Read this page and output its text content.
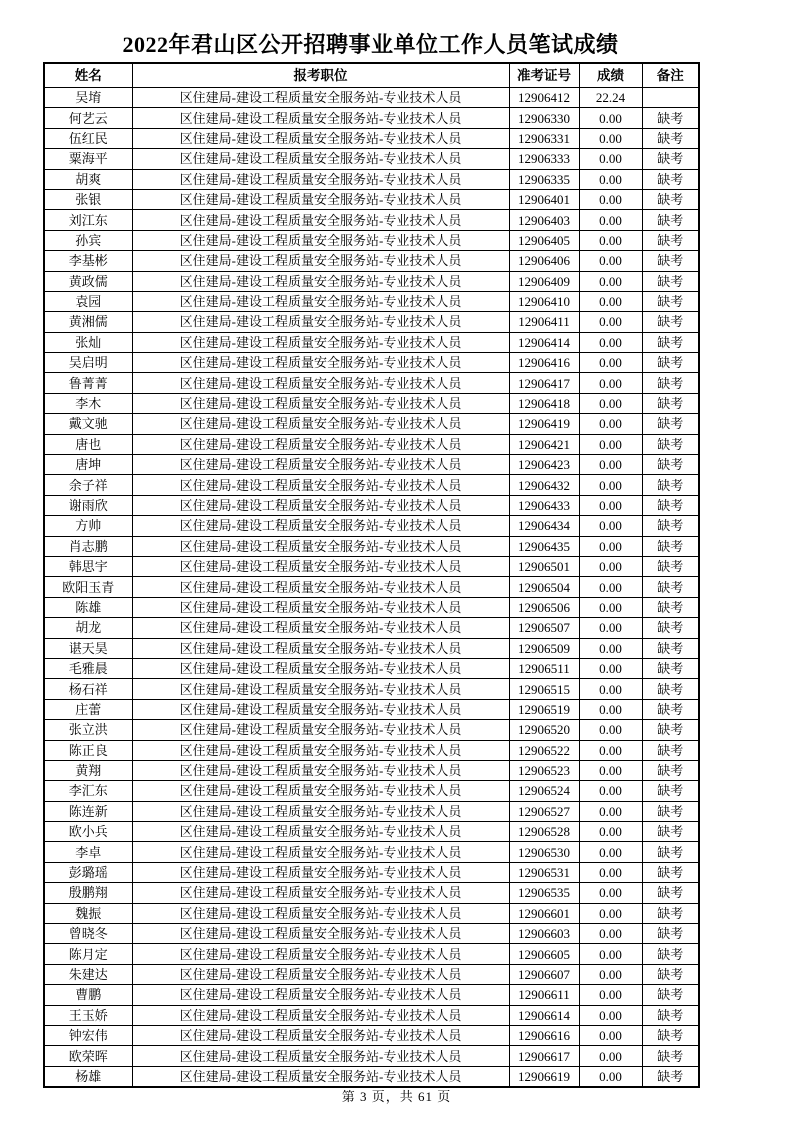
2022年君山区公开招聘事业单位工作人员笔试成绩
姓名	报考职位	准考证号	成绩	备注
吴堉	区住建局-建设工程质量安全服务站-专业技术人员	12906412	22.24	
何艺云	区住建局-建设工程质量安全服务站-专业技术人员	12906330	0.00	缺考
伍红民	区住建局-建设工程质量安全服务站-专业技术人员	12906331	0.00	缺考
粟海平	区住建局-建设工程质量安全服务站-专业技术人员	12906333	0.00	缺考
胡爽	区住建局-建设工程质量安全服务站-专业技术人员	12906335	0.00	缺考
张银	区住建局-建设工程质量安全服务站-专业技术人员	12906401	0.00	缺考
刘江东	区住建局-建设工程质量安全服务站-专业技术人员	12906403	0.00	缺考
孙宾	区住建局-建设工程质量安全服务站-专业技术人员	12906405	0.00	缺考
李基彬	区住建局-建设工程质量安全服务站-专业技术人员	12906406	0.00	缺考
黄政儒	区住建局-建设工程质量安全服务站-专业技术人员	12906409	0.00	缺考
袁园	区住建局-建设工程质量安全服务站-专业技术人员	12906410	0.00	缺考
黄湘儒	区住建局-建设工程质量安全服务站-专业技术人员	12906411	0.00	缺考
张灿	区住建局-建设工程质量安全服务站-专业技术人员	12906414	0.00	缺考
吴启明	区住建局-建设工程质量安全服务站-专业技术人员	12906416	0.00	缺考
鲁菁菁	区住建局-建设工程质量安全服务站-专业技术人员	12906417	0.00	缺考
李木	区住建局-建设工程质量安全服务站-专业技术人员	12906418	0.00	缺考
戴文驰	区住建局-建设工程质量安全服务站-专业技术人员	12906419	0.00	缺考
唐也	区住建局-建设工程质量安全服务站-专业技术人员	12906421	0.00	缺考
唐坤	区住建局-建设工程质量安全服务站-专业技术人员	12906423	0.00	缺考
余子祥	区住建局-建设工程质量安全服务站-专业技术人员	12906432	0.00	缺考
谢雨欣	区住建局-建设工程质量安全服务站-专业技术人员	12906433	0.00	缺考
方帅	区住建局-建设工程质量安全服务站-专业技术人员	12906434	0.00	缺考
肖志鹏	区住建局-建设工程质量安全服务站-专业技术人员	12906435	0.00	缺考
韩思宇	区住建局-建设工程质量安全服务站-专业技术人员	12906501	0.00	缺考
欧阳玉青	区住建局-建设工程质量安全服务站-专业技术人员	12906504	0.00	缺考
陈雄	区住建局-建设工程质量安全服务站-专业技术人员	12906506	0.00	缺考
胡龙	区住建局-建设工程质量安全服务站-专业技术人员	12906507	0.00	缺考
谌天昊	区住建局-建设工程质量安全服务站-专业技术人员	12906509	0.00	缺考
毛雅晨	区住建局-建设工程质量安全服务站-专业技术人员	12906511	0.00	缺考
杨石祥	区住建局-建设工程质量安全服务站-专业技术人员	12906515	0.00	缺考
庄蕾	区住建局-建设工程质量安全服务站-专业技术人员	12906519	0.00	缺考
张立洪	区住建局-建设工程质量安全服务站-专业技术人员	12906520	0.00	缺考
陈正良	区住建局-建设工程质量安全服务站-专业技术人员	12906522	0.00	缺考
黄翔	区住建局-建设工程质量安全服务站-专业技术人员	12906523	0.00	缺考
李汇东	区住建局-建设工程质量安全服务站-专业技术人员	12906524	0.00	缺考
陈连新	区住建局-建设工程质量安全服务站-专业技术人员	12906527	0.00	缺考
欧小兵	区住建局-建设工程质量安全服务站-专业技术人员	12906528	0.00	缺考
李卓	区住建局-建设工程质量安全服务站-专业技术人员	12906530	0.00	缺考
彭璐瑶	区住建局-建设工程质量安全服务站-专业技术人员	12906531	0.00	缺考
殷鹏翔	区住建局-建设工程质量安全服务站-专业技术人员	12906535	0.00	缺考
魏振	区住建局-建设工程质量安全服务站-专业技术人员	12906601	0.00	缺考
曾晓冬	区住建局-建设工程质量安全服务站-专业技术人员	12906603	0.00	缺考
陈月定	区住建局-建设工程质量安全服务站-专业技术人员	12906605	0.00	缺考
朱建达	区住建局-建设工程质量安全服务站-专业技术人员	12906607	0.00	缺考
曹鹏	区住建局-建设工程质量安全服务站-专业技术人员	12906611	0.00	缺考
王玉娇	区住建局-建设工程质量安全服务站-专业技术人员	12906614	0.00	缺考
钟宏伟	区住建局-建设工程质量安全服务站-专业技术人员	12906616	0.00	缺考
欧荣晖	区住建局-建设工程质量安全服务站-专业技术人员	12906617	0.00	缺考
杨雄	区住建局-建设工程质量安全服务站-专业技术人员	12906619	0.00	缺考
第 3 页，共 61 页
